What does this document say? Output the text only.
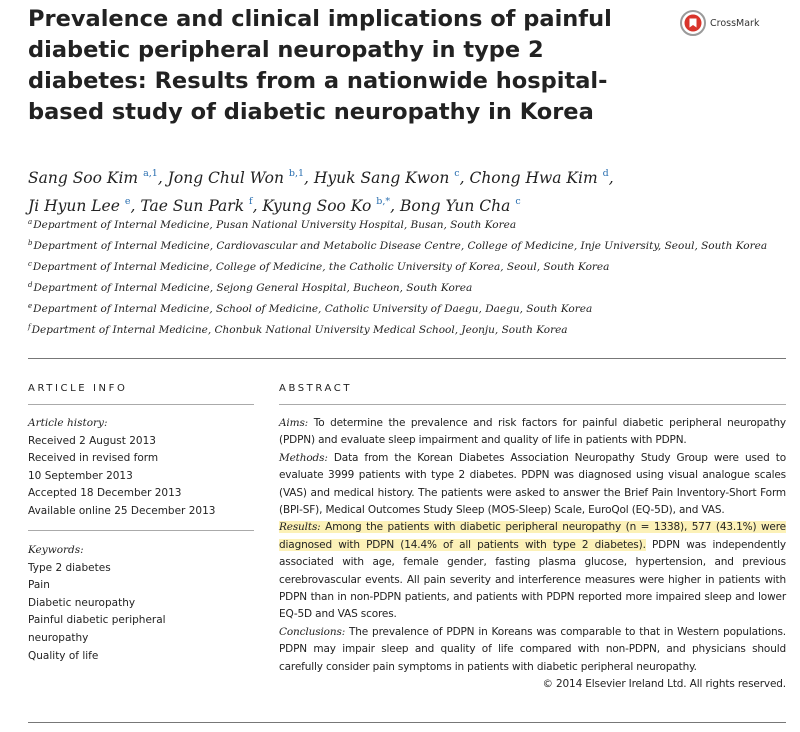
Prevalence and clinical implications of painful diabetic peripheral neuropathy in type 2 diabetes: Results from a nationwide hospital-based study of diabetic neuropathy in Korea
CrossMark
Sang Soo Kim $^{a,1}$, Jong Chul Won $^{b,1}$, Hyuk Sang Kwon $^c$, Chong Hwa Kim $^d$,
Ji Hyun Lee $^e$, Tae Sun Park $^f$, Kyung Soo Ko $^{b,*}$, Bong Yun Cha $^c$
$^a$Department of Internal Medicine, Pusan National University Hospital, Busan, South Korea
$^b$Department of Internal Medicine, Cardiovascular and Metabolic Disease Centre, College of Medicine, Inje University, Seoul, South Korea
$^c$Department of Internal Medicine, College of Medicine, the Catholic University of Korea, Seoul, South Korea
$^d$Department of Internal Medicine, Sejong General Hospital, Bucheon, South Korea
$^e$Department of Internal Medicine, School of Medicine, Catholic University of Daegu, Daegu, South Korea
$^f$Department of Internal Medicine, Chonbuk National University Medical School, Jeonju, South Korea
ARTICLE INFO
Article history:
Received 2 August 2013
Received in revised form
10 September 2013
Accepted 18 December 2013
Available online 25 December 2013
Keywords:
Type 2 diabetes
Pain
Diabetic neuropathy
Painful diabetic peripheral neuropathy
Quality of life
ABSTRACT

Aims: To determine the prevalence and risk factors for painful diabetic peripheral neuropathy (PDPN) and evaluate sleep impairment and quality of life in patients with PDPN.

Methods: Data from the Korean Diabetes Association Neuropathy Study Group were used to evaluate 3999 patients with type 2 diabetes. PDPN was diagnosed using visual analogue scales (VAS) and medical history. The patients were asked to answer the Brief Pain Inventory-Short Form (BPI-SF), Medical Outcomes Study Sleep (MOS-Sleep) Scale, EuroQol (EQ-5D), and VAS.

Results: Among the patients with diabetic peripheral neuropathy (n = 1338), 577 (43.1%) were diagnosed with PDPN (14.4% of all patients with type 2 diabetes). PDPN was independently associated with age, female gender, fasting plasma glucose, hypertension, and previous cerebrovascular events. All pain severity and interference measures were higher in patients with PDPN than in non-PDPN patients, and patients with PDPN reported more impaired sleep and lower EQ-5D and VAS scores.

Conclusions: The prevalence of PDPN in Koreans was comparable to that in Western populations. PDPN may impair sleep and quality of life compared with non-PDPN, and physicians should carefully consider pain symptoms in patients with diabetic peripheral neuropathy.

© 2014 Elsevier Ireland Ltd. All rights reserved.
